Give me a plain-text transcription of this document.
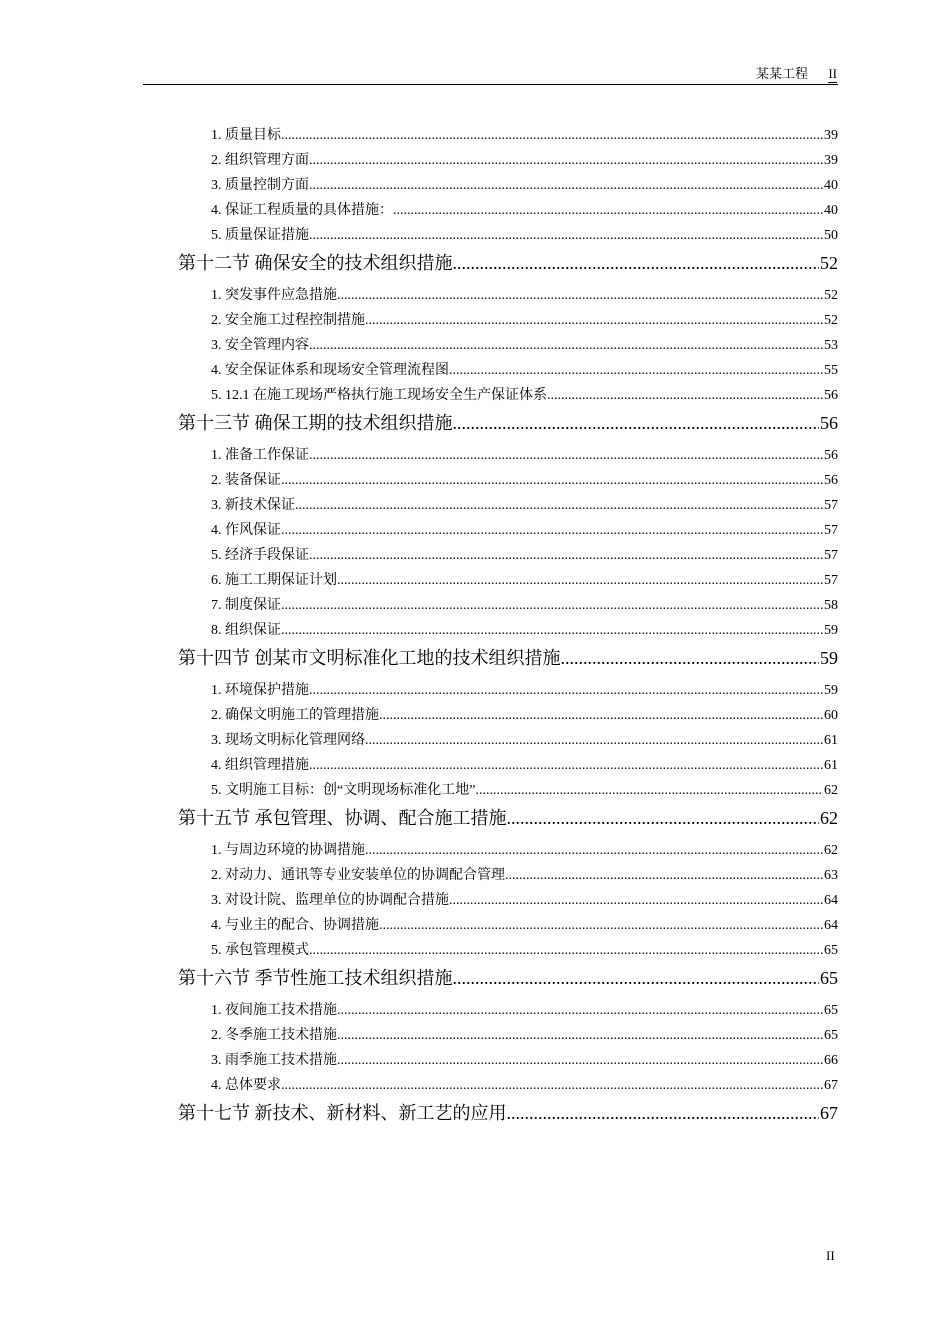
某某工程 II
1. 质量目标 .....	39
2. 组织管理方面 .....	39
3. 质量控制方面 .....	40
4. 保证工程质量的具体措施： .....	40
5. 质量保证措施 .....	50
第十二节 确保安全的技术组织措施 .....	52
1. 突发事件应急措施 .....	52
2. 安全施工过程控制措施 .....	52
3. 安全管理内容 .....	53
4. 安全保证体系和现场安全管理流程图 .....	55
5. 12.1 在施工现场严格执行施工现场安全生产保证体系 .....	56
第十三节 确保工期的技术组织措施 .....	56
1. 准备工作保证 .....	56
2. 装备保证 .....	56
3. 新技术保证 .....	57
4. 作风保证 .....	57
5. 经济手段保证 .....	57
6. 施工工期保证计划 .....	57
7. 制度保证 .....	58
8. 组织保证 .....	59
第十四节 创某市文明标准化工地的技术组织措施 .....	59
1. 环境保护措施 .....	59
2. 确保文明施工的管理措施 .....	60
3. 现场文明标化管理网络 .....	61
4. 组织管理措施 .....	61
5. 文明施工目标：创“文明现场标准化工地” .....	62
第十五节 承包管理、协调、配合施工措施 .....	62
1. 与周边环境的协调措施 .....	62
2. 对动力、通讯等专业安装单位的协调配合管理 .....	63
3. 对设计院、监理单位的协调配合措施 .....	64
4. 与业主的配合、协调措施 .....	64
5. 承包管理模式 .....	65
第十六节 季节性施工技术组织措施 .....	65
1. 夜间施工技术措施 .....	65
2. 冬季施工技术措施 .....	65
3. 雨季施工技术措施 .....	66
4. 总体要求 .....	67
第十七节 新技术、新材料、新工艺的应用 .....	67
II
